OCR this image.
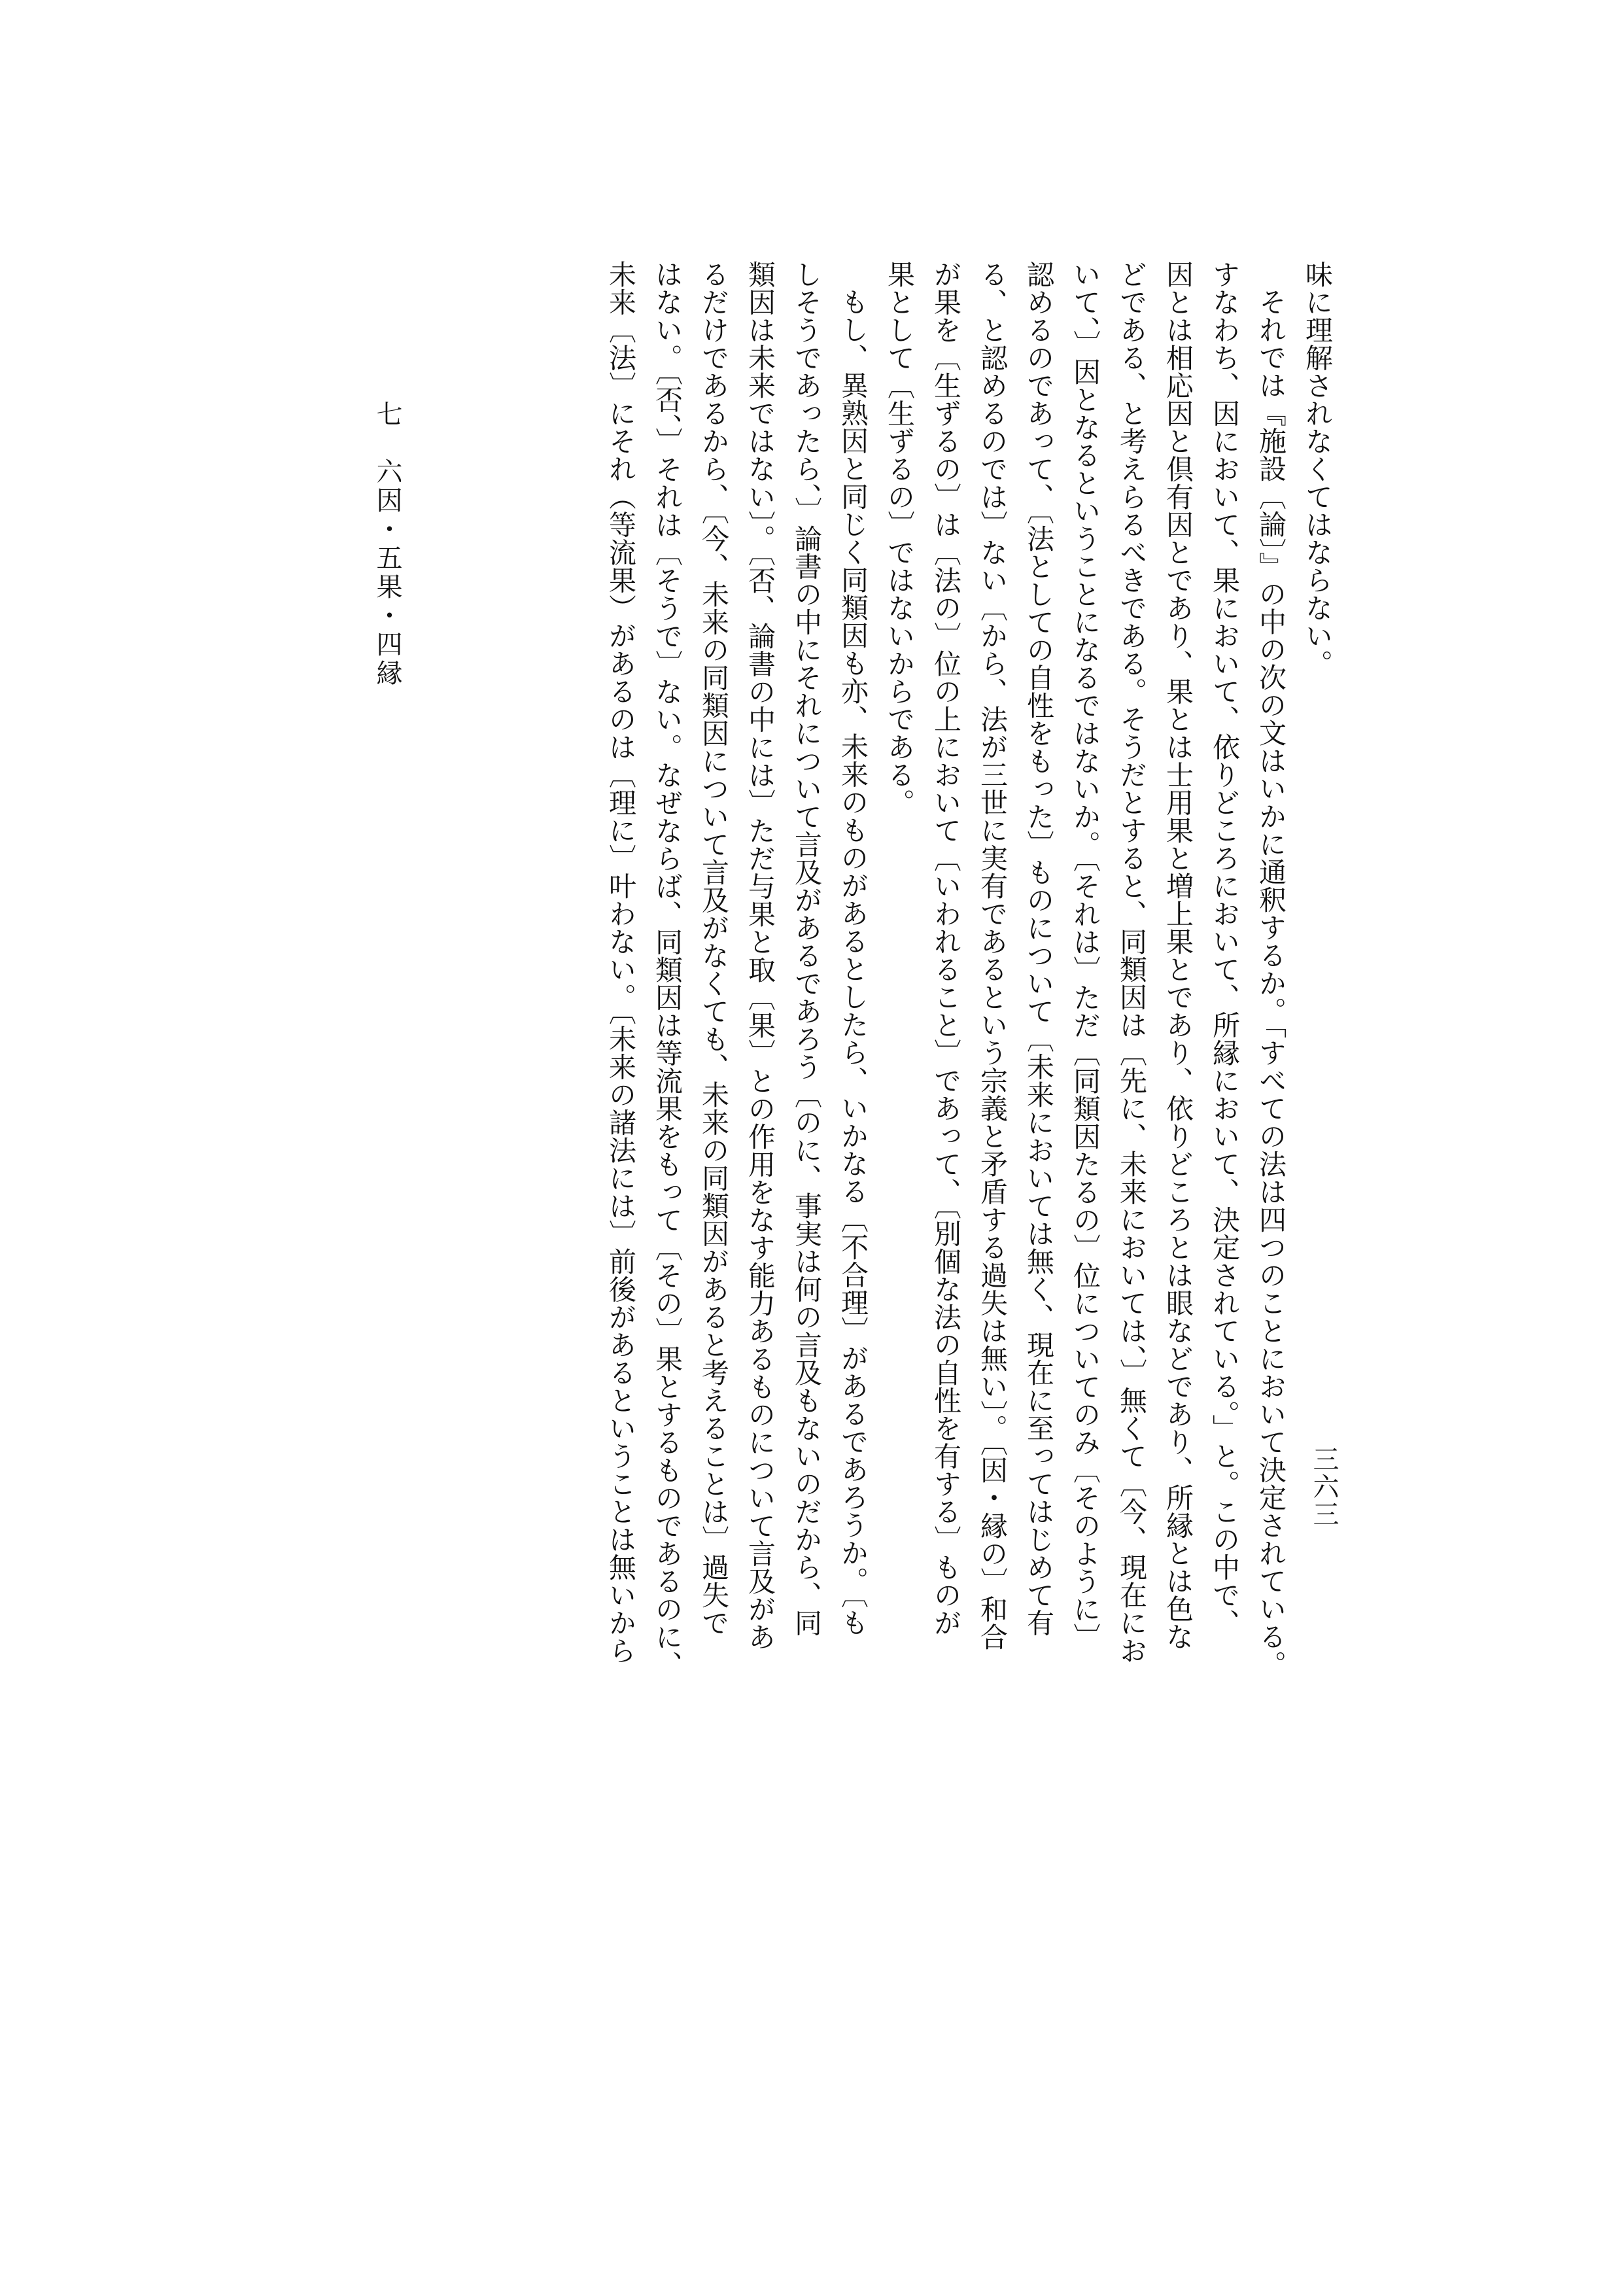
味に理解されなくてはならない。
それでは『施設〔論〕』の中の次の文はいかに通釈するか。「すべての法は四つのことにおいて決定されている。
すなわち、因において、果において、依りどころにおいて、所縁において、決定されている。」と。この中で、
因とは相応因と倶有因とであり、果とは士用果と増上果とであり、依りどころとは眼などであり、所縁とは色な
どである、と考えらるべきである。そうだとすると、同類因は〔先に、未来においては、〕無くて〔今、現在にお
いて、〕因となるということになるではないか。〔それは〕ただ〔同類因たるの〕位についてのみ〔そのように〕
認めるのであって、〔法としての自性をもった〕ものについて〔未来においては無く、現在に至ってはじめて有
る、と認めるのでは〕ない〔から、法が三世に実有であるという宗義と矛盾する過失は無い〕。〔因・縁の〕和合
が果を〔生ずるの〕は〔法の〕位の上において〔いわれること〕であって、〔別個な法の自性を有する〕ものが
果として〔生ずるの〕ではないからである。
もし、異熟因と同じく同類因も亦、未来のものがあるとしたら、いかなる〔不合理〕があるであろうか。〔も
しそうであったら、〕論書の中にそれについて言及があるであろう〔のに、事実は何の言及もないのだから、同
類因は未来ではない〕。〔否、論書の中には〕ただ与果と取〔果〕との作用をなす能力あるものについて言及があ
るだけであるから、〔今、未来の同類因について言及がなくても、未来の同類因があると考えることは〕過失で
はない。〔否、〕それは〔そうで〕ない。なぜならば、同類因は等流果をもって〔その〕果とするものであるのに、
未来〔法〕にそれ（等流果）があるのは〔理に〕叶わない。〔未来の諸法には〕前後があるということは無いから
七　六因・五果・四縁
三六三
